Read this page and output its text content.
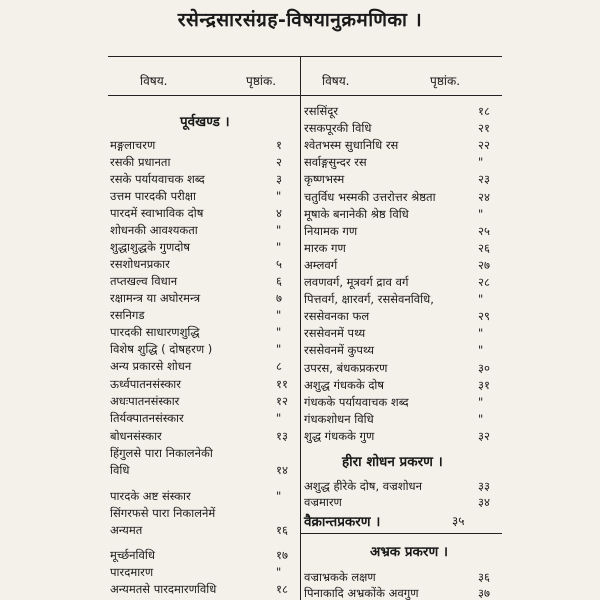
रसेन्द्रसारसंग्रह-विषयानुक्रमणिका ।
विषय.	पृष्ठांक.	विषय.	पृष्ठांक.
पूर्वखण्ड ।
मङ्गलाचरण	१
रसकी प्रधानता	२
रसके पर्यायवाचक शब्द	३
उत्तम पारदकी परीक्षा	"
पारदमें स्वाभाविक दोष	४
शोधनकी आवश्यकता	"
शुद्धाशुद्धके गुणदोष	"
रसशोधनप्रकार	५
तप्तखल्व विधान	६
रक्षामन्त्र या अघोरमन्त्र	७
रसनिगड	"
पारदकी साधारणशुद्धि	"
विशेष शुद्धि ( दोषहरण )	"
अन्य प्रकारसे शोधन	८
ऊर्ध्वपातनसंस्कार	११
अधःपातनसंस्कार	१२
तिर्यक्पातनसंस्कार	"
बोधनसंस्कार	१३
हिंगुलसे पारा निकालनेकी
विधि	१४
पारदके अष्ट संस्कार	"
सिंगरफसे पारा निकालनेमें
अन्यमत	१६
मूर्च्छनविधि	१७
पारदमारण	"
अन्यमतसे पारदमारणविधि	१८
रससिंदूर	१८
रसकपूरकी विधि	२१
श्वेतभस्म सुधानिधि रस	२२
सर्वाङ्गसुन्दर रस	"
कृष्णभस्म	२३
चतुर्विध भस्मकी उत्तरोत्तर श्रेष्ठता	२४
मूषाके बनानेकी श्रेष्ठ विधि	"
नियामक गण	२५
मारक गण	२६
अम्लवर्ग	२७
लवणवर्ग, मूत्रवर्ग द्राव वर्ग	२८
पित्तवर्ग, क्षारवर्ग, रससेवनविधि,	"
रससेवनका फल	२९
रससेवनमें पथ्य	"
रससेवनमें कुपथ्य	"
उपरस, बंधकप्रकरण	३०
अशुद्ध गंधकके दोष	३१
गंधकके पर्यायवाचक शब्द	"
गंधकशोधन विधि	"
शुद्ध गंधकके गुण	३२
हीरा शोधन प्रकरण ।
अशुद्ध हीरेके दोष, वज्रशोधन	३३
वज्रमारण	३४
वैक्रान्तप्रकरण ।	३५
अभ्रक प्रकरण ।
वज्राभ्रकके लक्षण	३६
पिनाकादि अभ्रकोंके अवगुण	३७
